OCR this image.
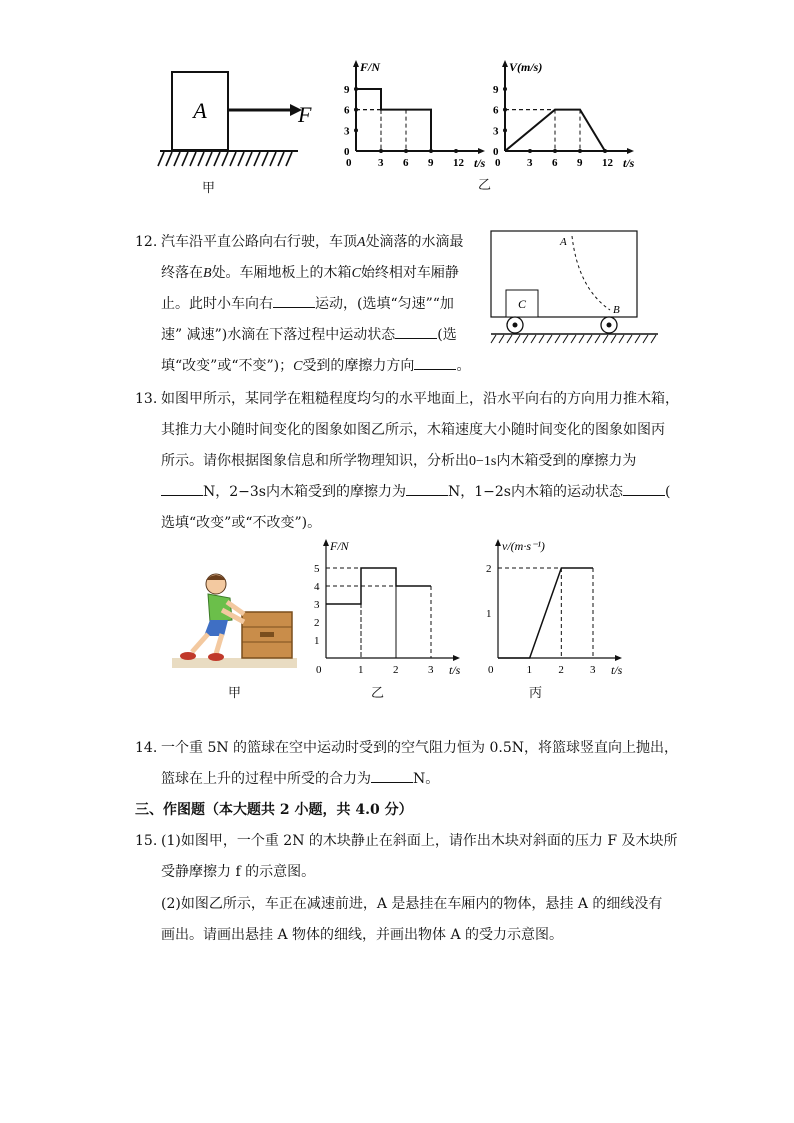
A	F
甲
F/N
t/s
0 3 6 9 12
0
3
6
9
V(m/s)
t/s
0 3 6 9 12
0
3
6
9
乙
12. 汽车沿平直公路向右行驶，车顶A处滴落的水滴最
终落在B处。车厢地板上的木箱C始终相对车厢静
止。此时小车向右	运动，(选填“匀速”“加
速” 减速”)水滴在下落过程中运动状态	(选
填“改变”或“不变”)；C受到的摩擦力方向	。
A
B
C
13. 如图甲所示，某同学在粗糙程度均匀的水平地面上，沿水平向右的方向用力推木箱，
其推力大小随时间变化的图象如图乙所示，木箱速度大小随时间变化的图象如图丙
所示。请你根据图象信息和所学物理知识，分析出0−1s内木箱受到的摩擦力为
N，2−3s内木箱受到的摩擦力为	N，1−2s内木箱的运动状态	(
选填“改变”或“不改变”)。
甲
F/N
t/s
0	1	2	3
1
2
3
4
5
乙
v/(m·s⁻¹)
t/s
0	1 2 3
1
2
丙
14. 一个重 5N 的篮球在空中运动时受到的空气阻力恒为 0.5N，将篮球竖直向上抛出，
篮球在上升的过程中所受的合力为	N。
三、作图题（本大题共 2 小题，共 4.0 分）
15. (1)如图甲，一个重 2N 的木块静止在斜面上，请作出木块对斜面的压力 F 及木块所
受静摩擦力 f 的示意图。
(2)如图乙所示，车正在减速前进，A 是悬挂在车厢内的物体，悬挂 A 的细线没有
画出。请画出悬挂 A 物体的细线，并画出物体 A 的受力示意图。
